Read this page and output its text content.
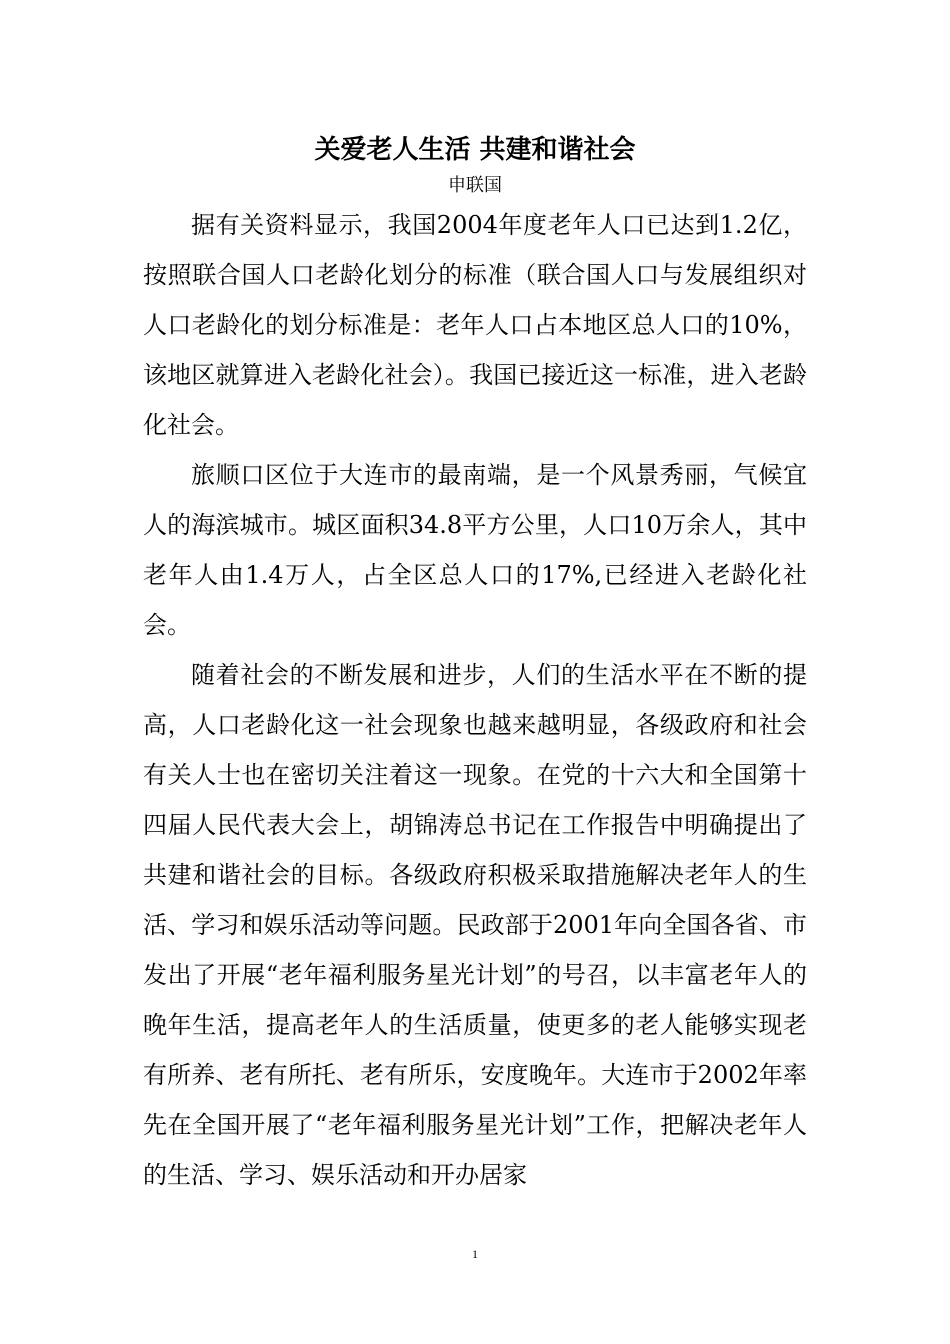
关爱老人生活 共建和谐社会
申联国

据有关资料显示，我国2004年度老年人口已达到1.2亿，按照联合国人口老龄化划分的标准（联合国人口与发展组织对人口老龄化的划分标准是：老年人口占本地区总人口的10%，该地区就算进入老龄化社会）。我国已接近这一标准，进入老龄化社会。

旅顺口区位于大连市的最南端，是一个风景秀丽，气候宜人的海滨城市。城区面积34.8平方公里，人口10万余人，其中老年人由1.4万人，占全区总人口的17%,已经进入老龄化社会。

随着社会的不断发展和进步，人们的生活水平在不断的提高，人口老龄化这一社会现象也越来越明显，各级政府和社会有关人士也在密切关注着这一现象。在党的十六大和全国第十四届人民代表大会上，胡锦涛总书记在工作报告中明确提出了共建和谐社会的目标。各级政府积极采取措施解决老年人的生活、学习和娱乐活动等问题。民政部于2001年向全国各省、市发出了开展“老年福利服务星光计划”的号召，以丰富老年人的晚年生活，提高老年人的生活质量，使更多的老人能够实现老有所养、老有所托、老有所乐，安度晚年。大连市于2002年率先在全国开展了“老年福利服务星光计划”工作，把解决老年人的生活、学习、娱乐活动和开办居家

1
